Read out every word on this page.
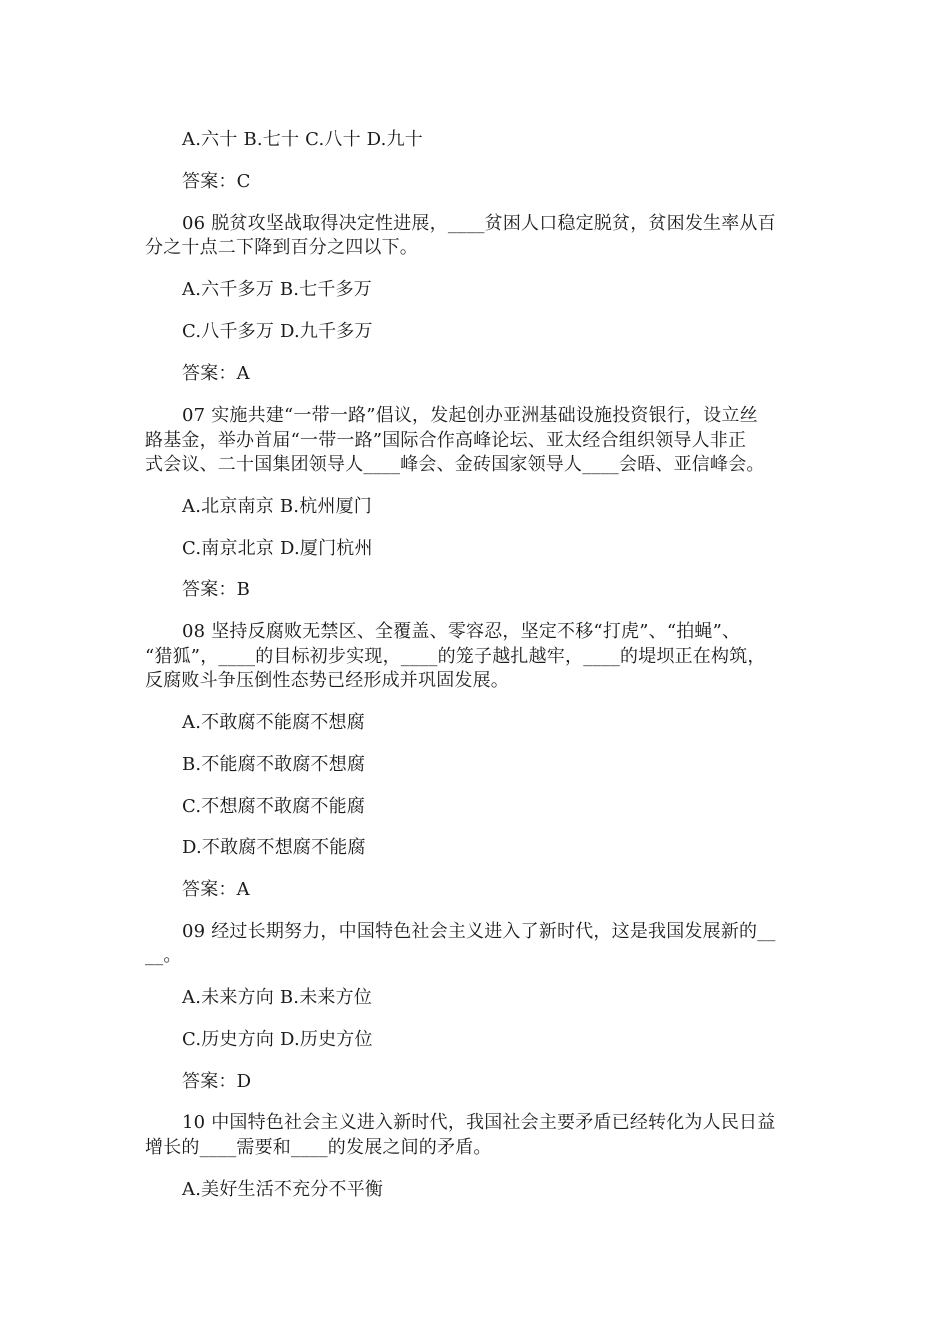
A.六十 B.七十 C.八十 D.九十
答案：C
06 脱贫攻坚战取得决定性进展，____贫困人口稳定脱贫，贫困发生率从百
分之十点二下降到百分之四以下。
A.六千多万 B.七千多万
C.八千多万 D.九千多万
答案：A
07 实施共建“一带一路”倡议，发起创办亚洲基础设施投资银行，设立丝
路基金，举办首届“一带一路”国际合作高峰论坛、亚太经合组织领导人非正
式会议、二十国集团领导人____峰会、金砖国家领导人____会晤、亚信峰会。
A.北京南京 B.杭州厦门
C.南京北京 D.厦门杭州
答案：B
08 坚持反腐败无禁区、全覆盖、零容忍，坚定不移“打虎”、“拍蝇”、
“猎狐”，____的目标初步实现，____的笼子越扎越牢，____的堤坝正在构筑，
反腐败斗争压倒性态势已经形成并巩固发展。
A.不敢腐不能腐不想腐
B.不能腐不敢腐不想腐
C.不想腐不敢腐不能腐
D.不敢腐不想腐不能腐
答案：A
09 经过长期努力，中国特色社会主义进入了新时代，这是我国发展新的__
__。
A.未来方向 B.未来方位
C.历史方向 D.历史方位
答案：D
10 中国特色社会主义进入新时代，我国社会主要矛盾已经转化为人民日益
增长的____需要和____的发展之间的矛盾。
A.美好生活不充分不平衡
